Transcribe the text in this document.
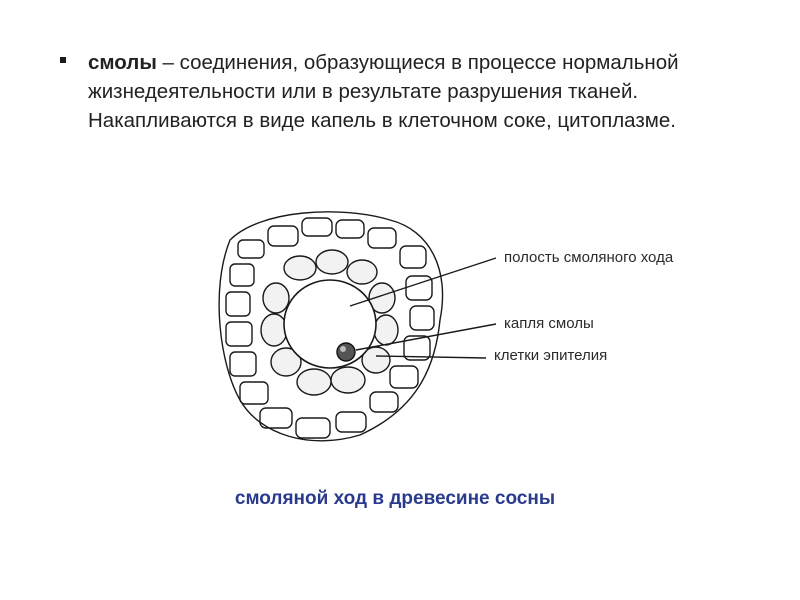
смолы – соединения, образующиеся в процессе нормальной жизнедеятельности или в результате разрушения тканей. Накапливаются в виде капель в клеточном соке, цитоплазме.
полость смоляного хода
капля смолы
клетки эпителия
смоляной ход в древесине сосны
